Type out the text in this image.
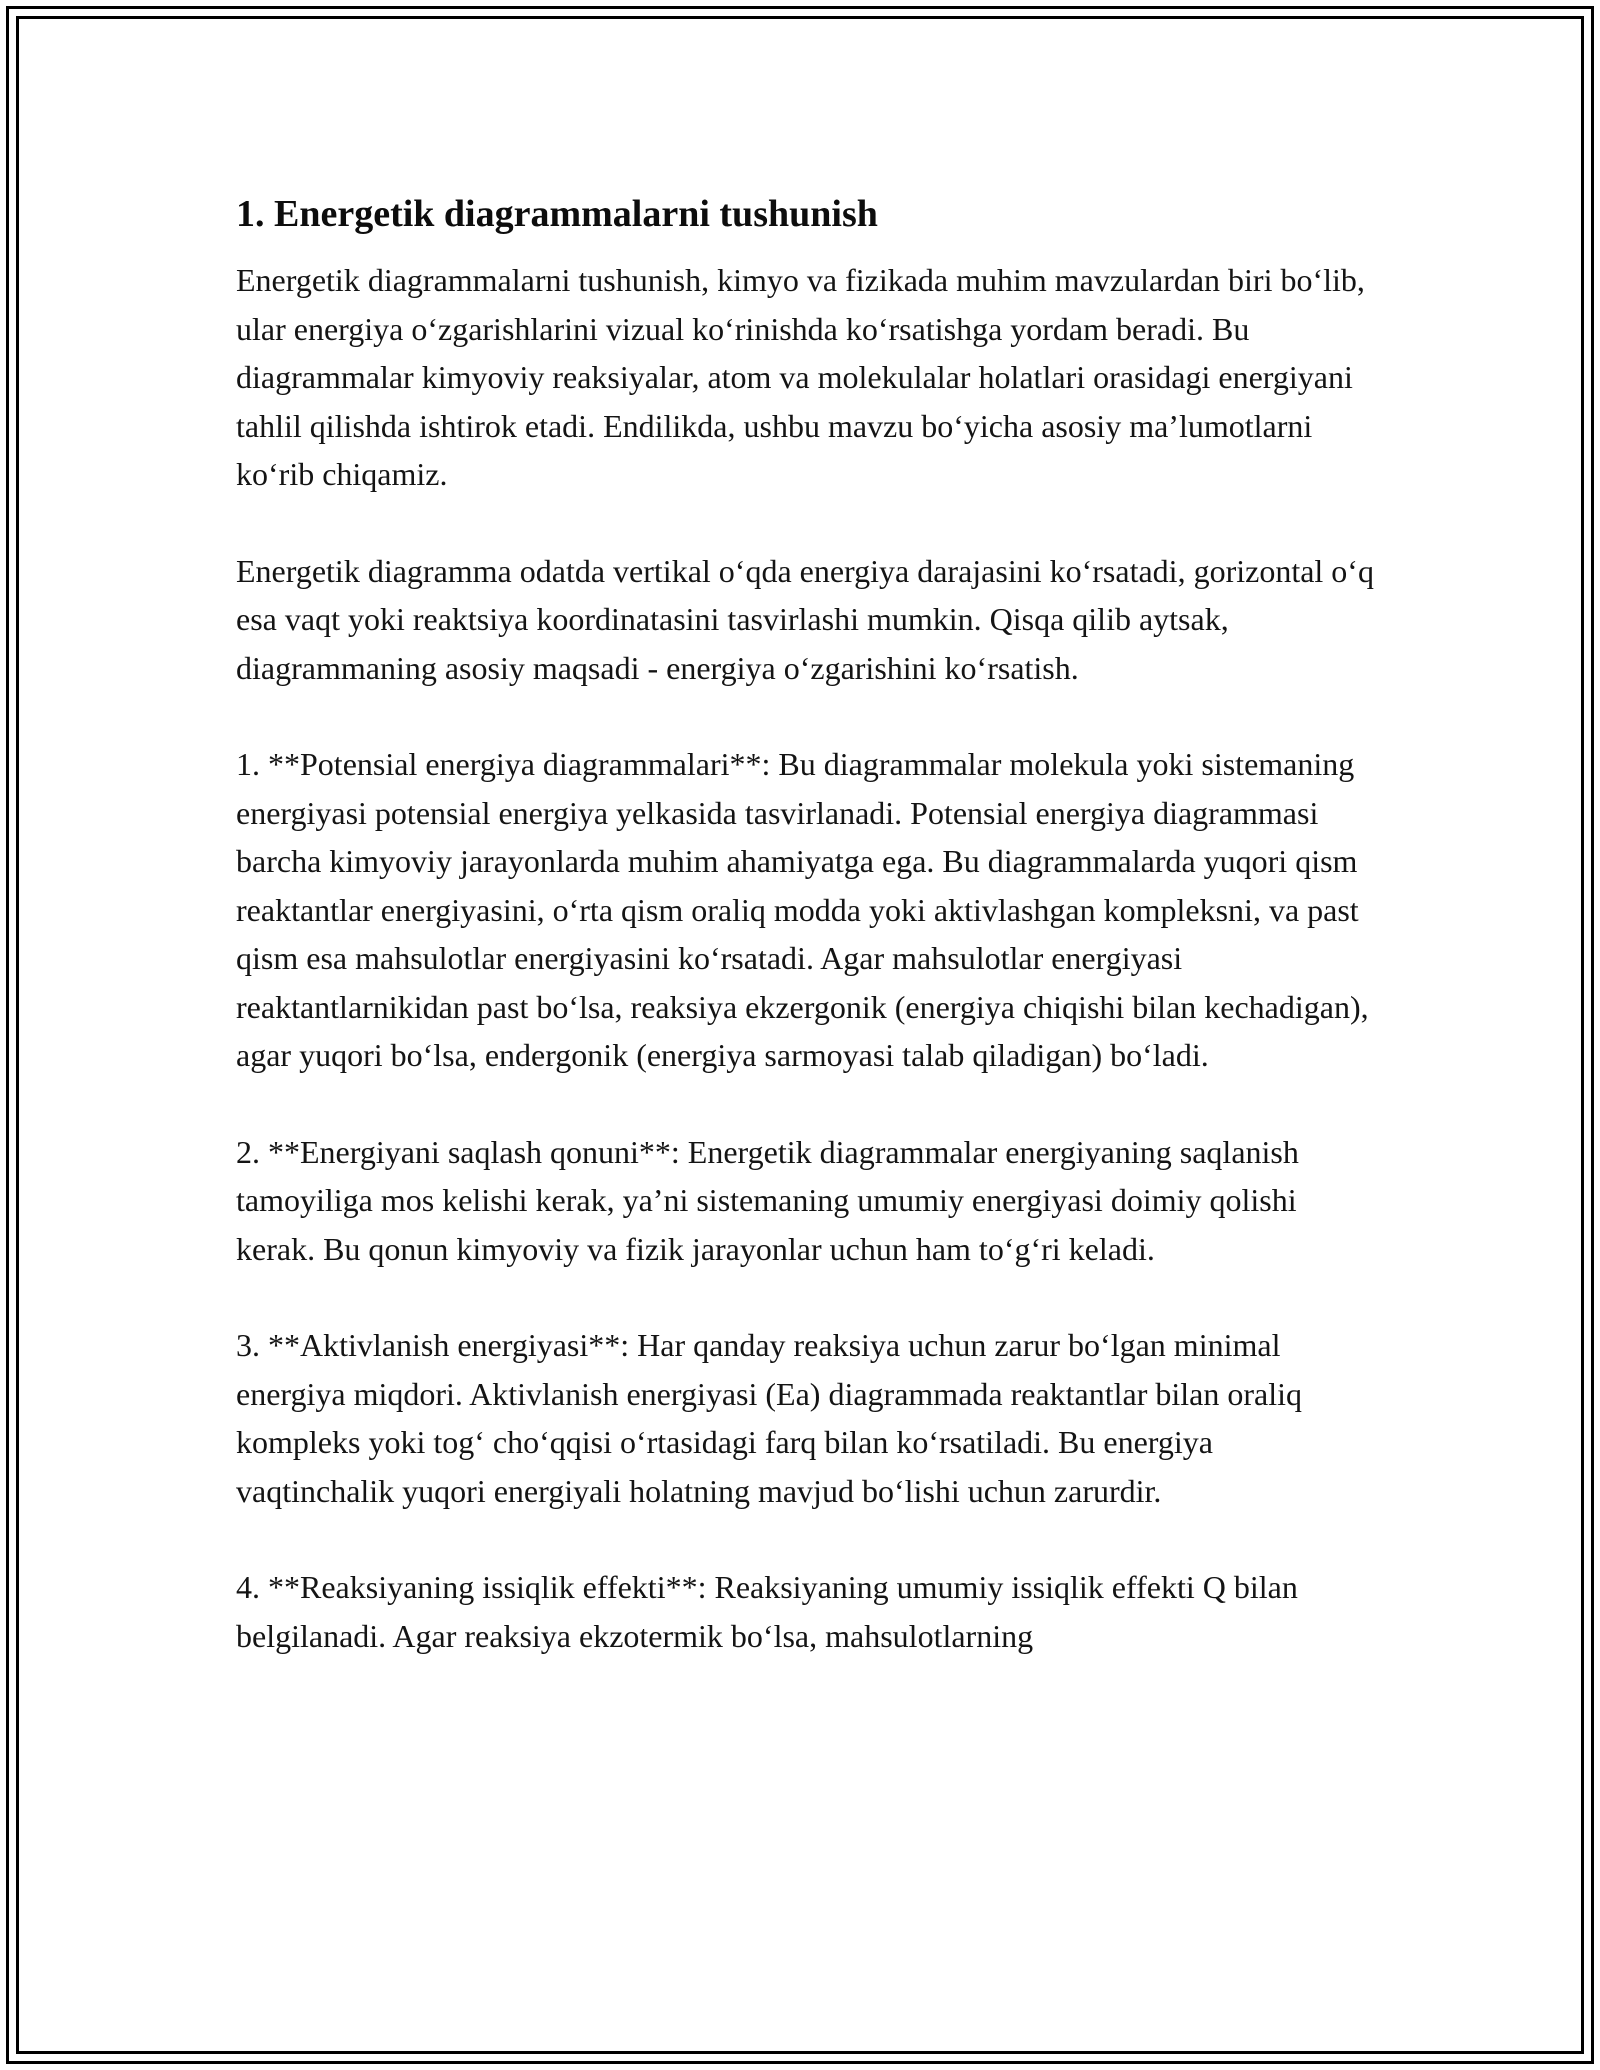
1. Energetik diagrammalarni tushunish

Energetik diagrammalarni tushunish, kimyo va fizikada muhim mavzulardan biri bo‘lib, ular energiya o‘zgarishlarini vizual ko‘rinishda ko‘rsatishga yordam beradi. Bu diagrammalar kimyoviy reaksiyalar, atom va molekulalar holatlari orasidagi energiyani tahlil qilishda ishtirok etadi. Endilikda, ushbu mavzu bo‘yicha asosiy ma’lumotlarni ko‘rib chiqamiz.

Energetik diagramma odatda vertikal o‘qda energiya darajasini ko‘rsatadi, gorizontal o‘q esa vaqt yoki reaktsiya koordinatasini tasvirlashi mumkin. Qisqa qilib aytsak, diagrammaning asosiy maqsadi - energiya o‘zgarishini ko‘rsatish.

1. **Potensial energiya diagrammalari**: Bu diagrammalar molekula yoki sistemaning energiyasi potensial energiya yelkasida tasvirlanadi. Potensial energiya diagrammasi barcha kimyoviy jarayonlarda muhim ahamiyatga ega. Bu diagrammalarda yuqori qism reaktantlar energiyasini, o‘rta qism oraliq modda yoki aktivlashgan kompleksni, va past qism esa mahsulotlar energiyasini ko‘rsatadi. Agar mahsulotlar energiyasi reaktantlarnikidan past bo‘lsa, reaksiya ekzergonik (energiya chiqishi bilan kechadigan), agar yuqori bo‘lsa, endergonik (energiya sarmoyasi talab qiladigan) bo‘ladi.

2. **Energiyani saqlash qonuni**: Energetik diagrammalar energiyaning saqlanish tamoyiliga mos kelishi kerak, ya’ni sistemaning umumiy energiyasi doimiy qolishi kerak. Bu qonun kimyoviy va fizik jarayonlar uchun ham to‘g‘ri keladi.

3. **Aktivlanish energiyasi**: Har qanday reaksiya uchun zarur bo‘lgan minimal energiya miqdori. Aktivlanish energiyasi (Ea) diagrammada reaktantlar bilan oraliq kompleks yoki tog‘ cho‘qqisi o‘rtasidagi farq bilan ko‘rsatiladi. Bu energiya vaqtinchalik yuqori energiyali holatning mavjud bo‘lishi uchun zarurdir.

4. **Reaksiyaning issiqlik effekti**: Reaksiyaning umumiy issiqlik effekti Q bilan belgilanadi. Agar reaksiya ekzotermik bo‘lsa, mahsulotlarning
